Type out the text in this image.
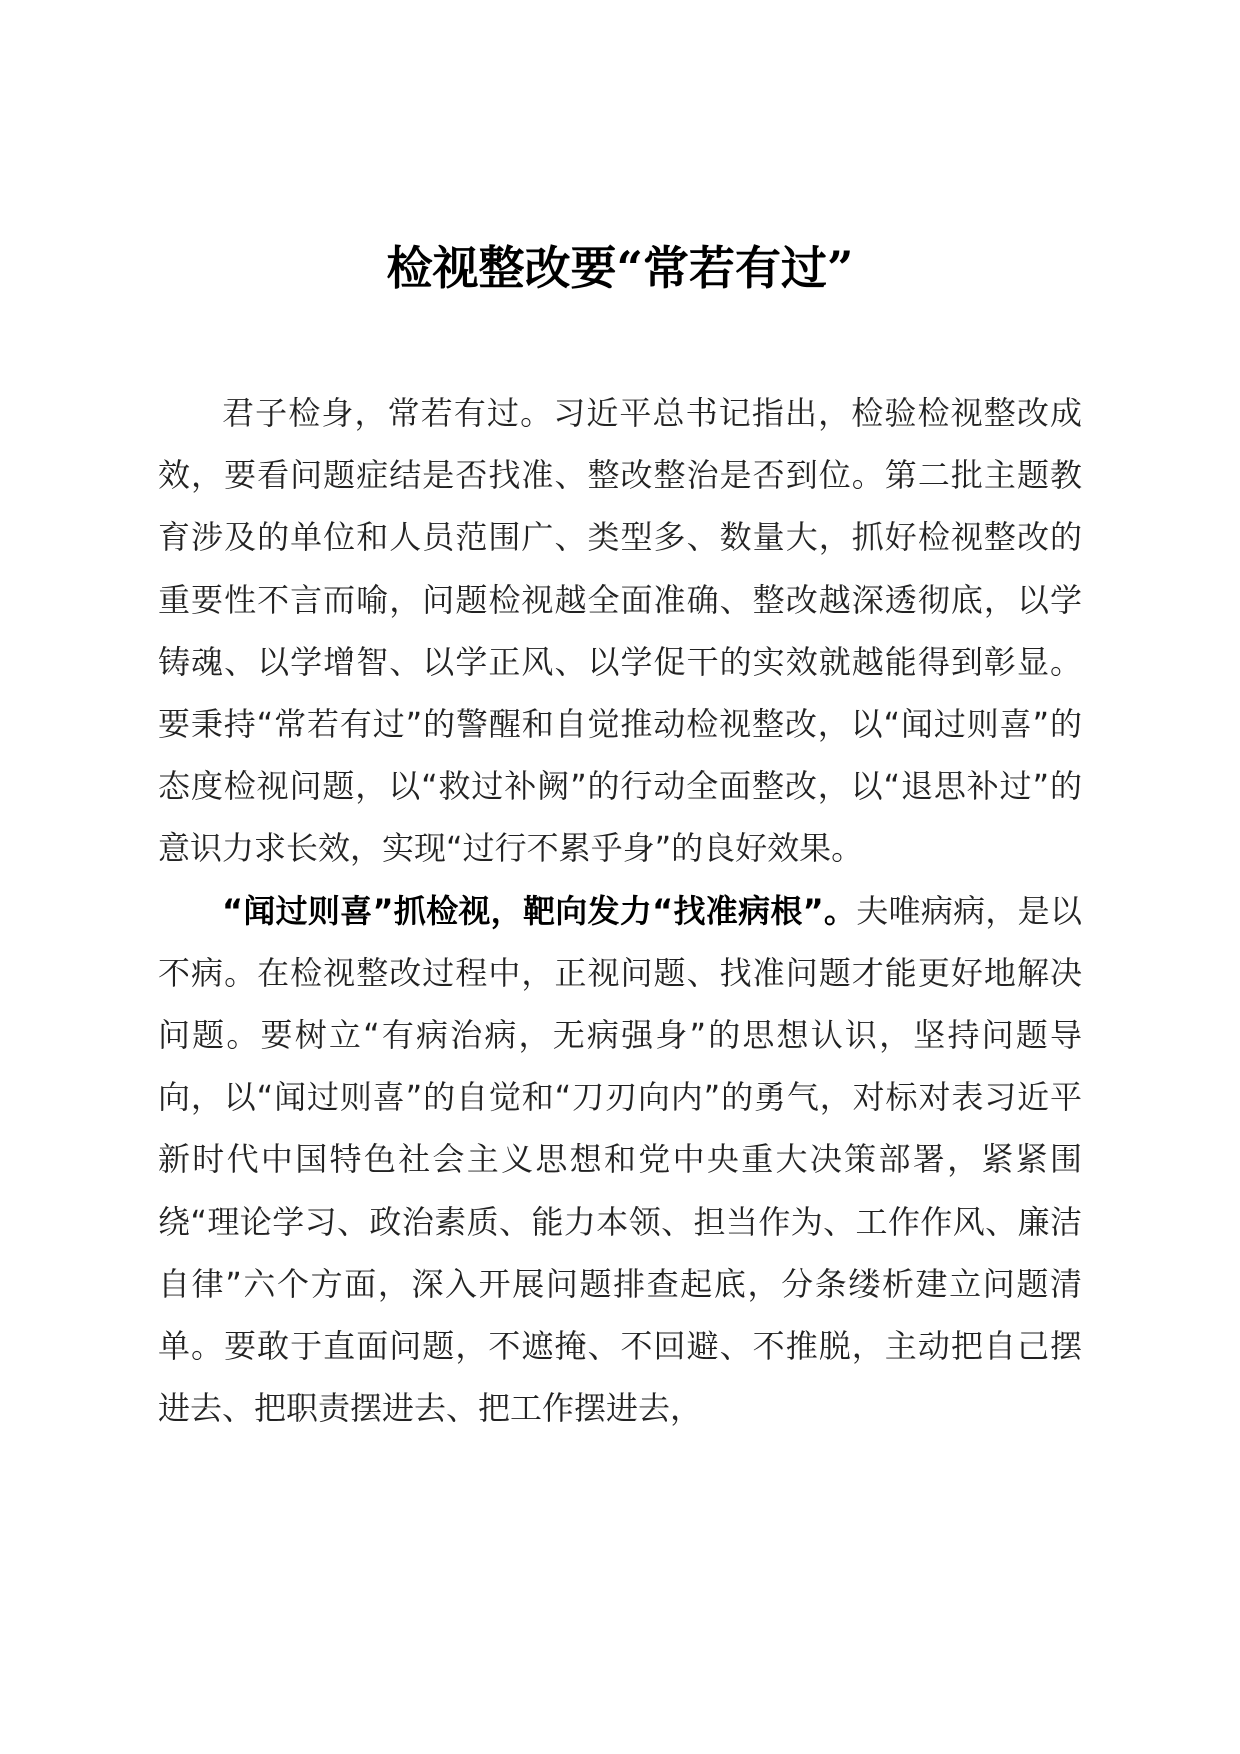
检视整改要“常若有过”

君子检身，常若有过。习近平总书记指出，检验检视整改成效，要看问题症结是否找准、整改整治是否到位。第二批主题教育涉及的单位和人员范围广、类型多、数量大，抓好检视整改的重要性不言而喻，问题检视越全面准确、整改越深透彻底，以学铸魂、以学增智、以学正风、以学促干的实效就越能得到彰显。要秉持“常若有过”的警醒和自觉推动检视整改，以“闻过则喜”的态度检视问题，以“救过补阙”的行动全面整改，以“退思补过”的意识力求长效，实现“过行不累乎身”的良好效果。

“闻过则喜”抓检视，靶向发力“找准病根”。夫唯病病，是以不病。在检视整改过程中，正视问题、找准问题才能更好地解决问题。要树立“有病治病，无病强身”的思想认识，坚持问题导向，以“闻过则喜”的自觉和“刀刃向内”的勇气，对标对表习近平新时代中国特色社会主义思想和党中央重大决策部署，紧紧围绕“理论学习、政治素质、能力本领、担当作为、工作作风、廉洁自律”六个方面，深入开展问题排查起底，分条缕析建立问题清单。要敢于直面问题，不遮掩、不回避、不推脱，主动把自己摆进去、把职责摆进去、把工作摆进去，
